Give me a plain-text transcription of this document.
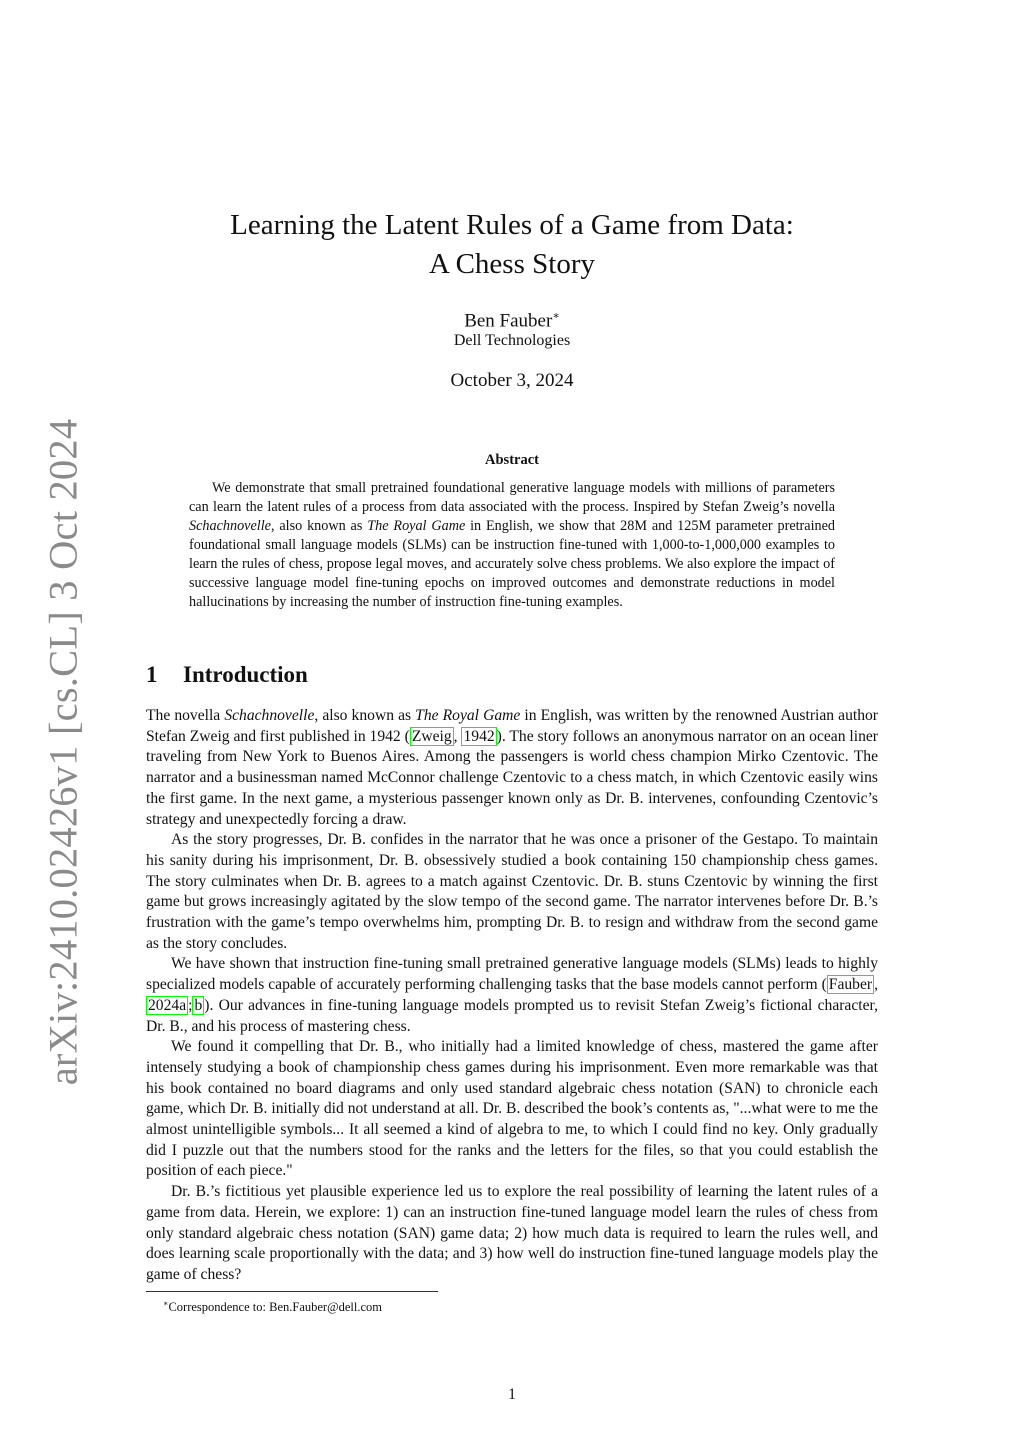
arXiv:2410.02426v1 [cs.CL] 3 Oct 2024
Learning the Latent Rules of a Game from Data:
A Chess Story
Ben Fauber∗
Dell Technologies
October 3, 2024
Abstract

We demonstrate that small pretrained foundational generative language models with millions of parameters can learn the latent rules of a process from data associated with the process. Inspired by Stefan Zweig’s novella Schachnovelle, also known as The Royal Game in English, we show that 28M and 125M parameter pretrained foundational small language models (SLMs) can be instruction fine-tuned with 1,000-to-1,000,000 examples to learn the rules of chess, propose legal moves, and accurately solve chess problems. We also explore the impact of successive language model fine-tuning epochs on improved outcomes and demonstrate reductions in model hallucinations by increasing the number of instruction fine-tuning examples.

1 Introduction

The novella Schachnovelle, also known as The Royal Game in English, was written by the renowned Austrian author Stefan Zweig and first published in 1942 ( Zweig , 1942 ). The story follows an anonymous narrator on an ocean liner traveling from New York to Buenos Aires. Among the passengers is world chess champion Mirko Czentovic. The narrator and a businessman named McConnor challenge Czentovic to a chess match, in which Czentovic easily wins the first game. In the next game, a mysterious passenger known only as Dr. B. intervenes, confounding Czentovic’s strategy and unexpectedly forcing a draw.

As the story progresses, Dr. B. confides in the narrator that he was once a prisoner of the Gestapo. To maintain his sanity during his imprisonment, Dr. B. obsessively studied a book containing 150 championship chess games. The story culminates when Dr. B. agrees to a match against Czentovic. Dr. B. stuns Czentovic by winning the first game but grows increasingly agitated by the slow tempo of the second game. The narrator intervenes before Dr. B.’s frustration with the game’s tempo overwhelms him, prompting Dr. B. to resign and withdraw from the second game as the story concludes.

We have shown that instruction fine-tuning small pretrained generative language models (SLMs) leads to highly specialized models capable of accurately performing challenging tasks that the base models cannot perform ( Fauber , 2024a ; b ). Our advances in fine-tuning language models prompted us to revisit Stefan Zweig’s fictional character, Dr. B., and his process of mastering chess.

We found it compelling that Dr. B., who initially had a limited knowledge of chess, mastered the game after intensely studying a book of championship chess games during his imprisonment. Even more remarkable was that his book contained no board diagrams and only used standard algebraic chess notation (SAN) to chronicle each game, which Dr. B. initially did not understand at all. Dr. B. described the book’s contents as, "...what were to me the almost unintelligible symbols... It all seemed a kind of algebra to me, to which I could find no key. Only gradually did I puzzle out that the numbers stood for the ranks and the letters for the files, so that you could establish the position of each piece."

Dr. B.’s fictitious yet plausible experience led us to explore the real possibility of learning the latent rules of a game from data. Herein, we explore: 1) can an instruction fine-tuned language model learn the rules of chess from only standard algebraic chess notation (SAN) game data; 2) how much data is required to learn the rules well, and does learning scale proportionally with the data; and 3) how well do instruction fine-tuned language models play the game of chess?

∗Correspondence to: Ben.Fauber@dell.com
1
